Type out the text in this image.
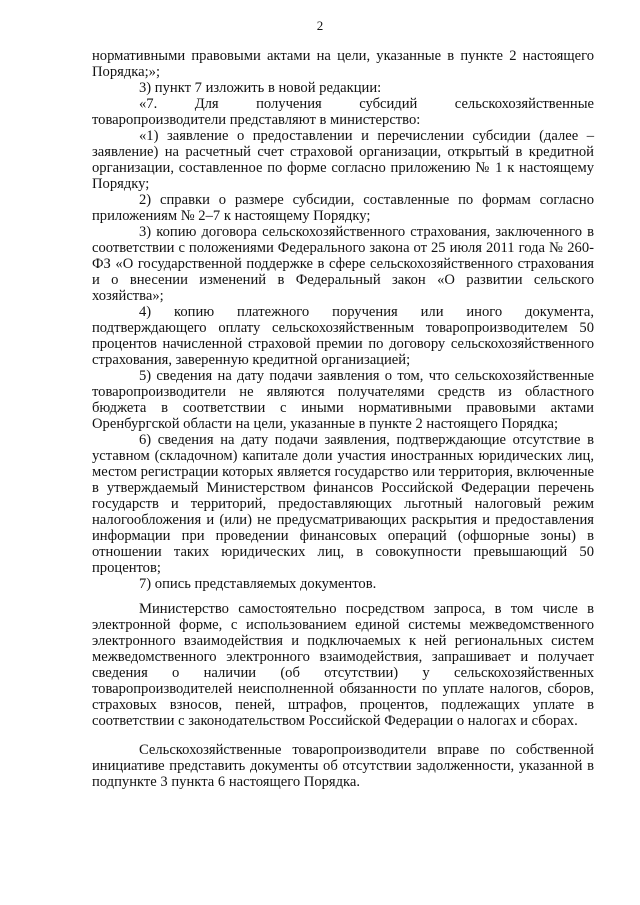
2

нормативными правовыми актами на цели, указанные в пункте 2 настоящего Порядка;»;

3) пункт 7 изложить в новой редакции:

«7. Для получения субсидий сельскохозяйственные товаропроизводители представляют в министерство:

«1) заявление о предоставлении и перечислении субсидии (далее – заявление) на расчетный счет страховой организации, открытый в кредитной организации, составленное по форме согласно приложению № 1 к настоящему Порядку;

2) справки о размере субсидии, составленные по формам согласно приложениям № 2–7 к настоящему Порядку;

3) копию договора сельскохозяйственного страхования, заключенного в соответствии с положениями Федерального закона от 25 июля 2011 года № 260-ФЗ «О государственной поддержке в сфере сельскохозяйственного страхования и о внесении изменений в Федеральный закон «О развитии сельского хозяйства»;

4) копию платежного поручения или иного документа, подтверждающего оплату сельскохозяйственным товаропроизводителем 50 процентов начисленной страховой премии по договору сельскохозяйственного страхования, заверенную кредитной организацией;

5) сведения на дату подачи заявления о том, что сельскохозяйственные товаропроизводители не являются получателями средств из областного бюджета в соответствии с иными нормативными правовыми актами Оренбургской области на цели, указанные в пункте 2 настоящего Порядка;

6) сведения на дату подачи заявления, подтверждающие отсутствие в уставном (складочном) капитале доли участия иностранных юридических лиц, местом регистрации которых является государство или территория, включенные в утверждаемый Министерством финансов Российской Федерации перечень государств и территорий, предоставляющих льготный налоговый режим налогообложения и (или) не предусматривающих раскрытия и предоставления информации при проведении финансовых операций (офшорные зоны) в отношении таких юридических лиц, в совокупности превышающий 50 процентов;

7) опись представляемых документов.

Министерство самостоятельно посредством запроса, в том числе в электронной форме, с использованием единой системы межведомственного электронного взаимодействия и подключаемых к ней региональных систем межведомственного электронного взаимодействия, запрашивает и получает сведения о наличии (об отсутствии) у сельскохозяйственных товаропроизводителей неисполненной обязанности по уплате налогов, сборов, страховых взносов, пеней, штрафов, процентов, подлежащих уплате в соответствии с законодательством Российской Федерации о налогах и сборах.

Сельскохозяйственные товаропроизводители вправе по собственной инициативе представить документы об отсутствии задолженности, указанной в подпункте 3 пункта 6 настоящего Порядка.
